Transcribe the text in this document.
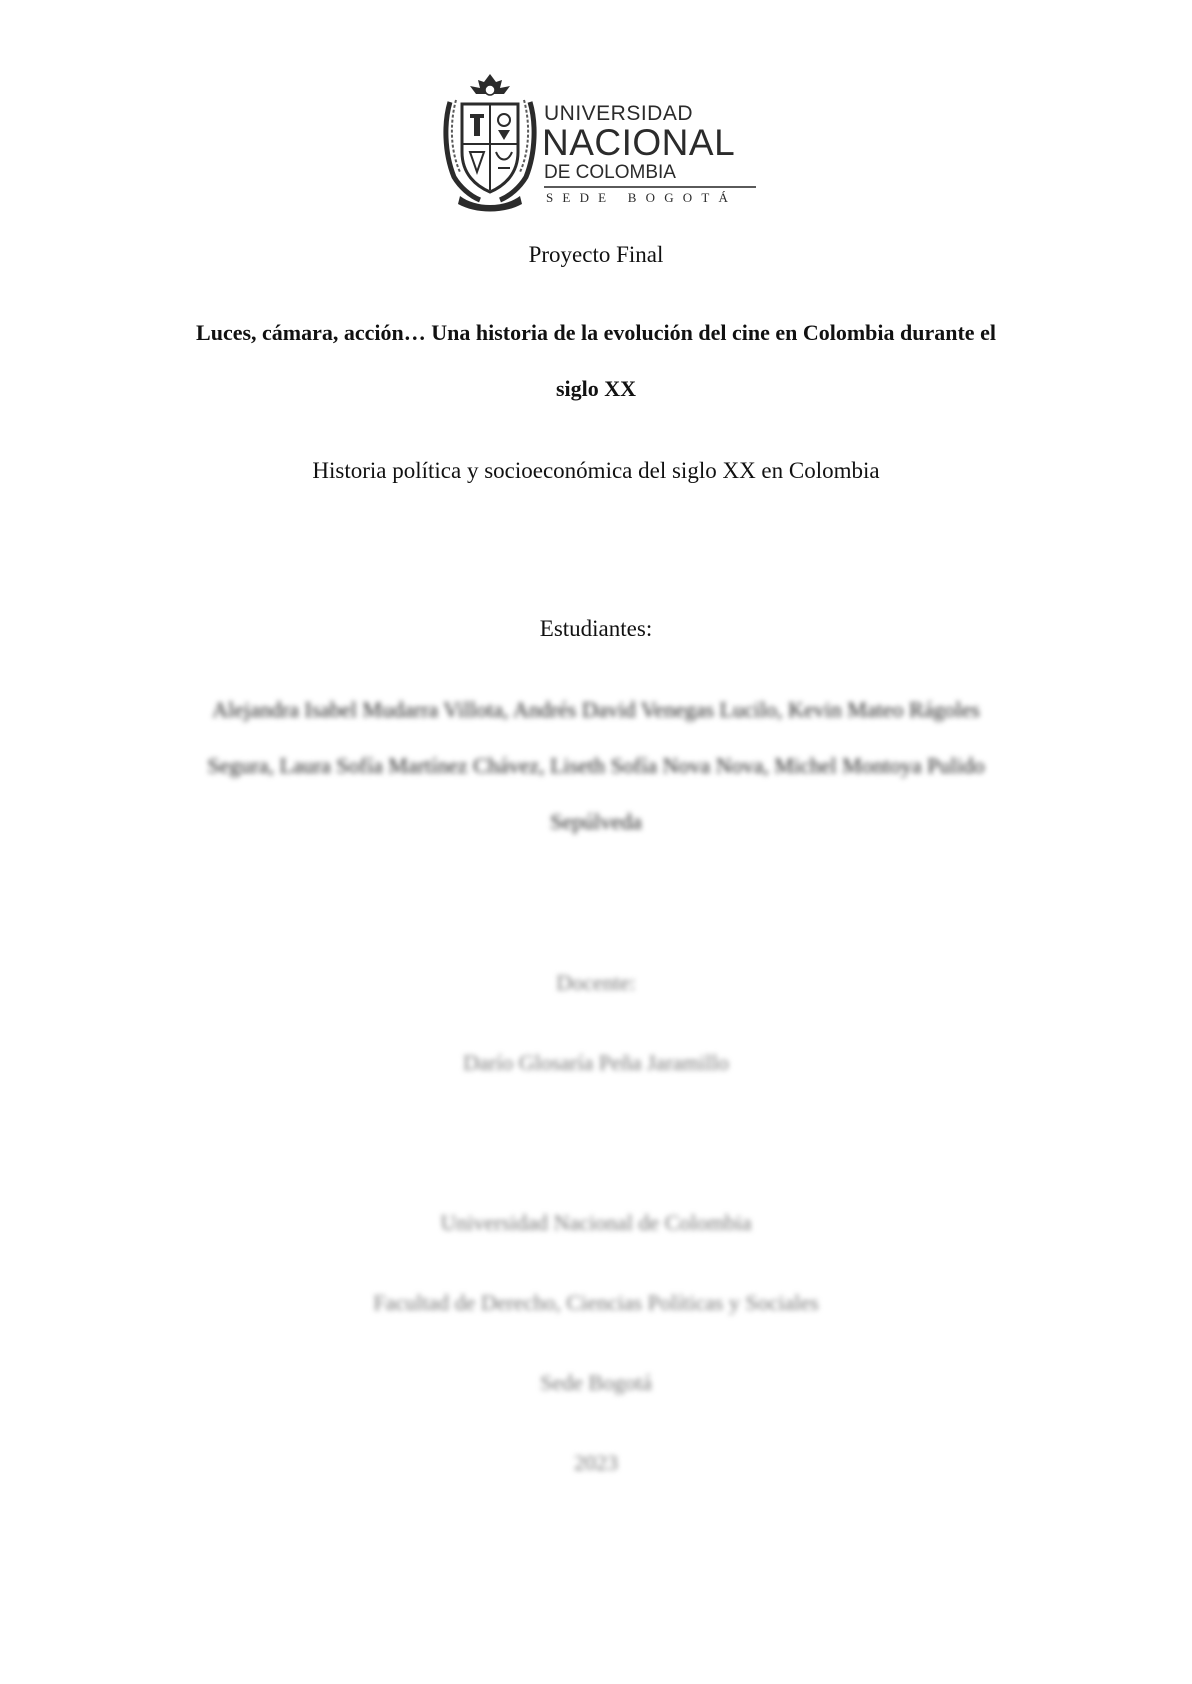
UNIVERSIDAD
NACIONAL
DE COLOMBIA
SEDE BOGOTÁ
Proyecto Final
Luces, cámara, acción… Una historia de la evolución del cine en Colombia durante el
siglo XX
Historia política y socioeconómica del siglo XX en Colombia
Estudiantes:
Alejandra Isabel Mudarra Villota, Andrés David Venegas Lucilo, Kevin Mateo Rágoles
Segura, Laura Sofía Martínez Chávez, Liseth Sofía Nova Nova, Michel Montoya Pulido
Sepúlveda
Docente:
Darío Glosaría Peña Jaramillo
Universidad Nacional de Colombia
Facultad de Derecho, Ciencias Políticas y Sociales
Sede Bogotá
2023
